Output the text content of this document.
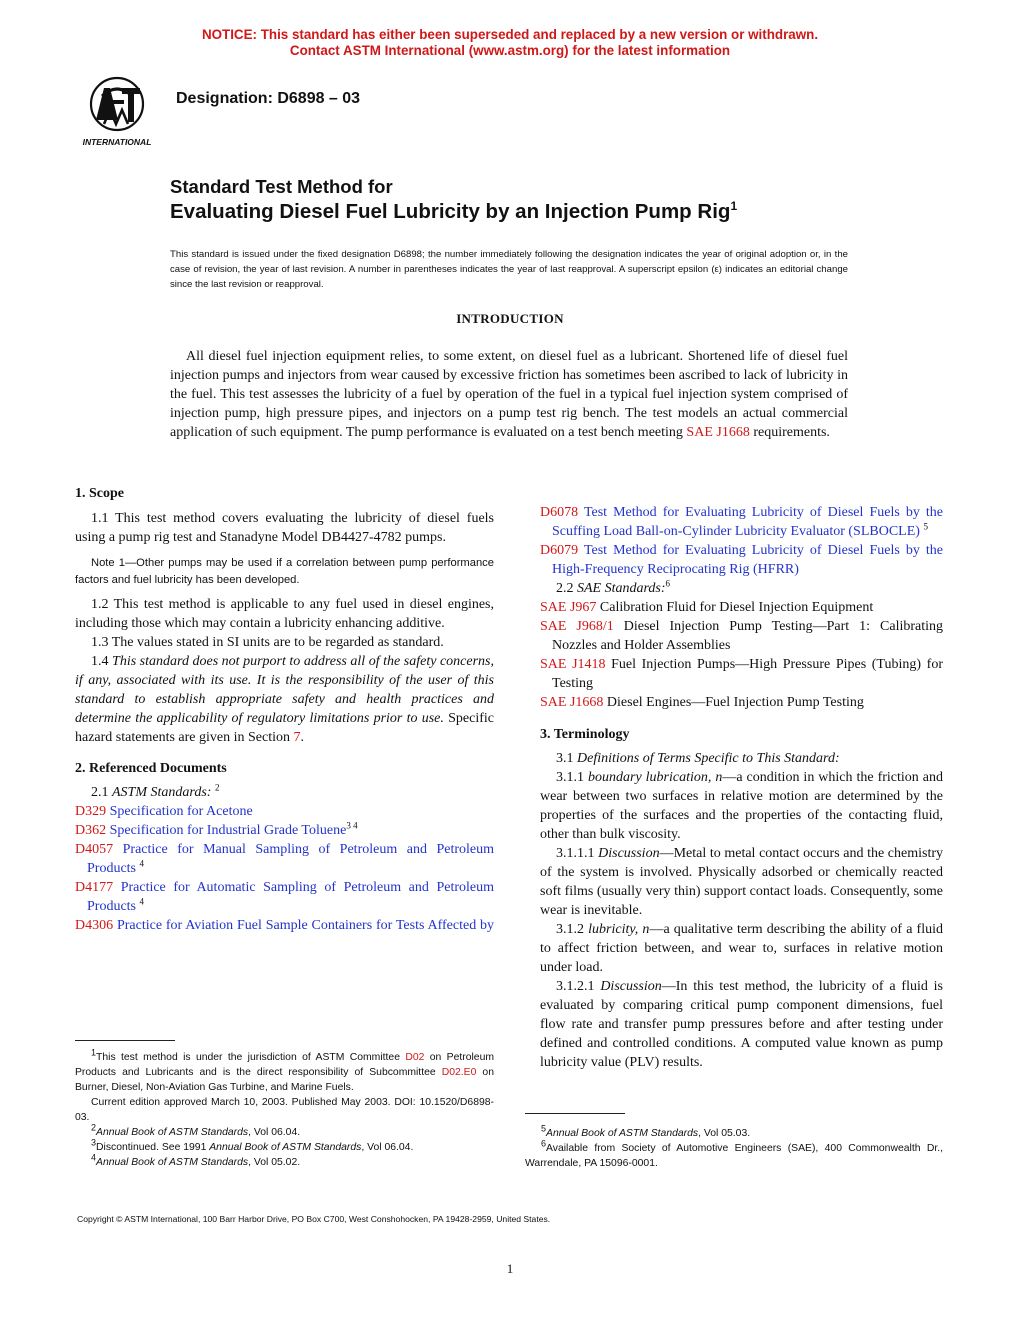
NOTICE: This standard has either been superseded and replaced by a new version or withdrawn.
Contact ASTM International (www.astm.org) for the latest information
INTERNATIONAL
Designation: D6898 – 03
Standard Test Method for
Evaluating Diesel Fuel Lubricity by an Injection Pump Rig$^1$
This standard is issued under the fixed designation D6898; the number immediately following the designation indicates the year of original adoption or, in the case of revision, the year of last revision. A number in parentheses indicates the year of last reapproval. A superscript epsilon (ε) indicates an editorial change since the last revision or reapproval.
INTRODUCTION
All diesel fuel injection equipment relies, to some extent, on diesel fuel as a lubricant. Shortened life of diesel fuel injection pumps and injectors from wear caused by excessive friction has sometimes been ascribed to lack of lubricity in the fuel. This test assesses the lubricity of a fuel by operation of the fuel in a typical fuel injection system comprised of injection pump, high pressure pipes, and injectors on a pump test rig bench. The test models an actual commercial application of such equipment. The pump performance is evaluated on a test bench meeting SAE J1668 requirements.
1. Scope

1.1 This test method covers evaluating the lubricity of diesel fuels using a pump rig test and Stanadyne Model DB4427-4782 pumps.

Note 1—Other pumps may be used if a correlation between pump performance factors and fuel lubricity has been developed.

1.2 This test method is applicable to any fuel used in diesel engines, including those which may contain a lubricity enhancing additive.

1.3 The values stated in SI units are to be regarded as standard.

1.4 This standard does not purport to address all of the safety concerns, if any, associated with its use. It is the responsibility of the user of this standard to establish appropriate safety and health practices and determine the applicability of regulatory limitations prior to use. Specific hazard statements are given in Section 7.

2. Referenced Documents

2.1 ASTM Standards: $^2$

D329 Specification for Acetone

D362 Specification for Industrial Grade Toluene$^{3 4}$

D4057 Practice for Manual Sampling of Petroleum and Petroleum Products $^4$

D4177 Practice for Automatic Sampling of Petroleum and Petroleum Products $^4$

D4306 Practice for Aviation Fuel Sample Containers for Tests Affected by

$^1$This test method is under the jurisdiction of ASTM Committee D02 on Petroleum Products and Lubricants and is the direct responsibility of Subcommittee D02.E0 on Burner, Diesel, Non-Aviation Gas Turbine, and Marine Fuels.

Current edition approved March 10, 2003. Published May 2003. DOI: 10.1520/D6898-03.

$^2$Annual Book of ASTM Standards, Vol 06.04.

$^3$Discontinued. See 1991 Annual Book of ASTM Standards, Vol 06.04.

$^4$Annual Book of ASTM Standards, Vol 05.02.

D6078 Test Method for Evaluating Lubricity of Diesel Fuels by the Scuffing Load Ball-on-Cylinder Lubricity Evaluator (SLBOCLE) $^5$

D6079 Test Method for Evaluating Lubricity of Diesel Fuels by the High-Frequency Reciprocating Rig (HFRR)

2.2 SAE Standards:$^6$

SAE J967 Calibration Fluid for Diesel Injection Equipment

SAE J968/1 Diesel Injection Pump Testing—Part 1: Calibrating Nozzles and Holder Assemblies

SAE J1418 Fuel Injection Pumps—High Pressure Pipes (Tubing) for Testing

SAE J1668 Diesel Engines—Fuel Injection Pump Testing

3. Terminology

3.1 Definitions of Terms Specific to This Standard:

3.1.1 boundary lubrication, n—a condition in which the friction and wear between two surfaces in relative motion are determined by the properties of the surfaces and the properties of the contacting fluid, other than bulk viscosity.

3.1.1.1 Discussion—Metal to metal contact occurs and the chemistry of the system is involved. Physically adsorbed or chemically reacted soft films (usually very thin) support contact loads. Consequently, some wear is inevitable.

3.1.2 lubricity, n—a qualitative term describing the ability of a fluid to affect friction between, and wear to, surfaces in relative motion under load.

3.1.2.1 Discussion—In this test method, the lubricity of a fluid is evaluated by comparing critical pump component dimensions, fuel flow rate and transfer pump pressures before and after testing under defined and controlled conditions. A computed value known as pump lubricity value (PLV) results.

$^5$Annual Book of ASTM Standards, Vol 05.03.

$^6$Available from Society of Automotive Engineers (SAE), 400 Commonwealth Dr., Warrendale, PA 15096-0001.

Copyright © ASTM International, 100 Barr Harbor Drive, PO Box C700, West Conshohocken, PA 19428-2959, United States.
1
